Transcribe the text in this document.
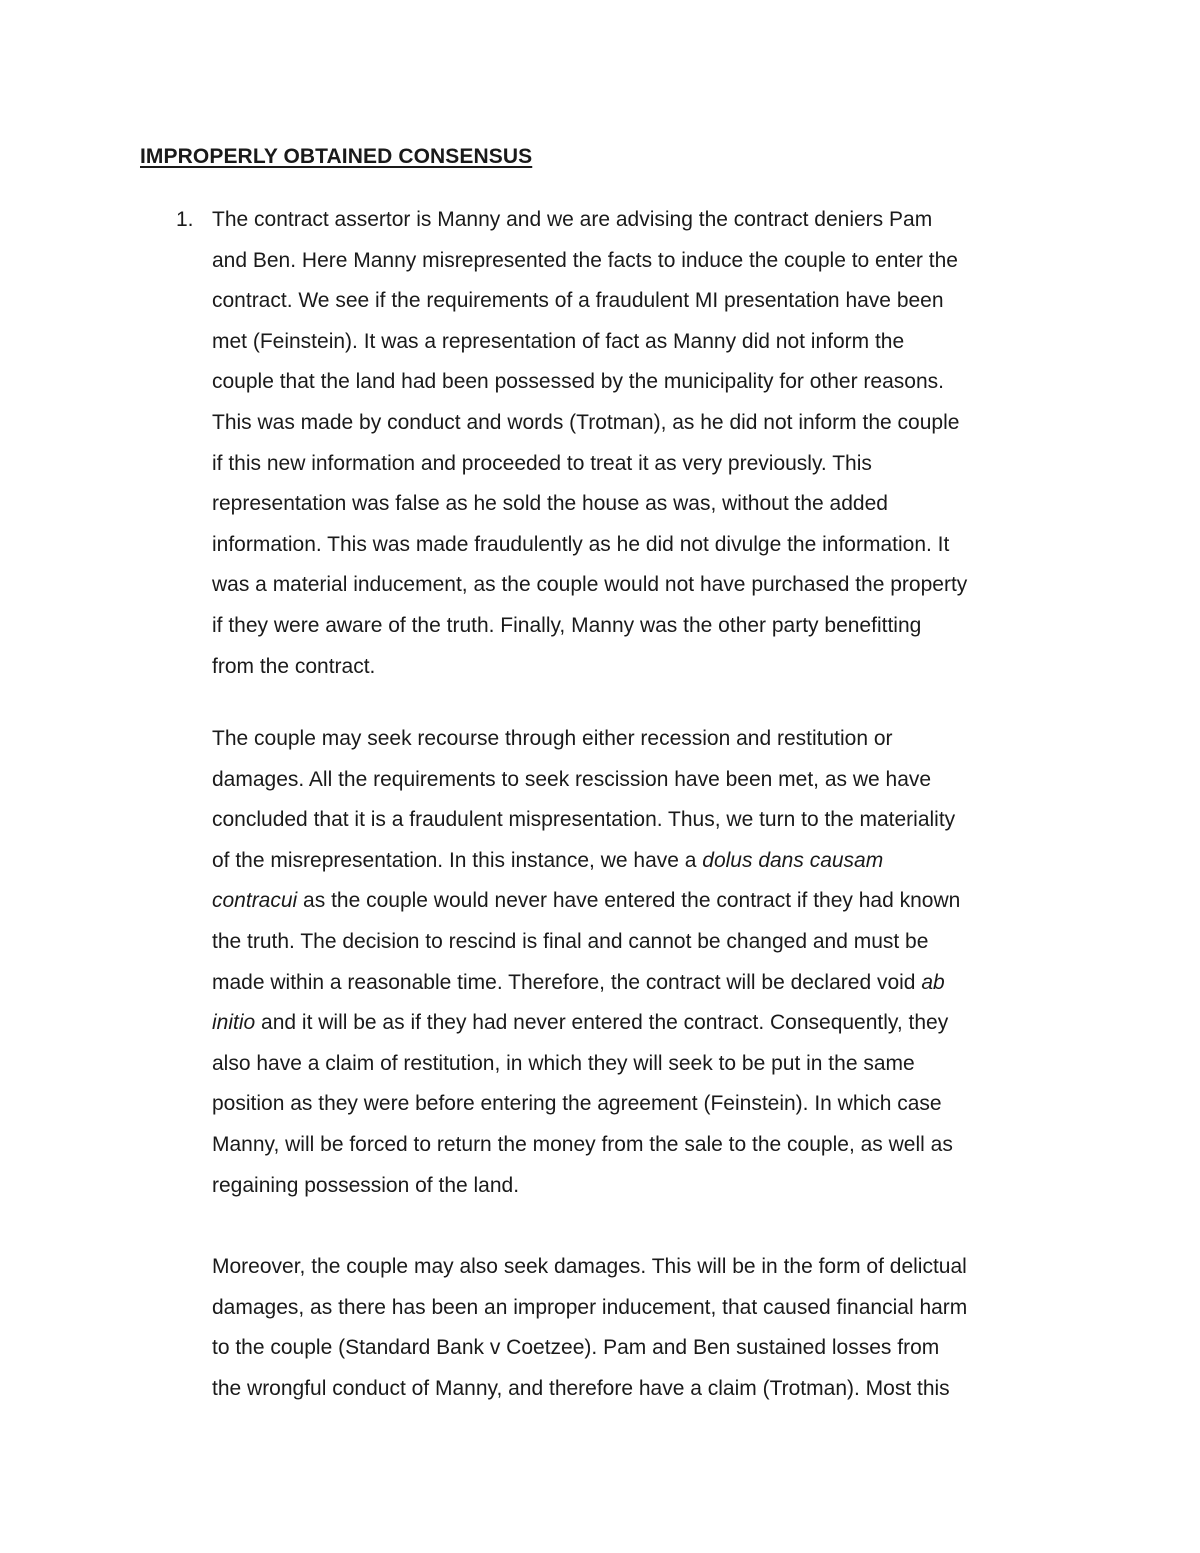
IMPROPERLY OBTAINED CONSENSUS
1. The contract assertor is Manny and we are advising the contract deniers Pam
and Ben. Here Manny misrepresented the facts to induce the couple to enter the
contract. We see if the requirements of a fraudulent MI presentation have been
met (Feinstein). It was a representation of fact as Manny did not inform the
couple that the land had been possessed by the municipality for other reasons.
This was made by conduct and words (Trotman), as he did not inform the couple
if this new information and proceeded to treat it as very previously. This
representation was false as he sold the house as was, without the added
information. This was made fraudulently as he did not divulge the information. It
was a material inducement, as the couple would not have purchased the property
if they were aware of the truth. Finally, Manny was the other party benefitting
from the contract.
The couple may seek recourse through either recession and restitution or
damages. All the requirements to seek rescission have been met, as we have
concluded that it is a fraudulent mispresentation. Thus, we turn to the materiality
of the misrepresentation. In this instance, we have a dolus dans causam
contracui as the couple would never have entered the contract if they had known
the truth. The decision to rescind is final and cannot be changed and must be
made within a reasonable time. Therefore, the contract will be declared void ab
initio and it will be as if they had never entered the contract. Consequently, they
also have a claim of restitution, in which they will seek to be put in the same
position as they were before entering the agreement (Feinstein). In which case
Manny, will be forced to return the money from the sale to the couple, as well as
regaining possession of the land.
Moreover, the couple may also seek damages. This will be in the form of delictual
damages, as there has been an improper inducement, that caused financial harm
to the couple (Standard Bank v Coetzee). Pam and Ben sustained losses from
the wrongful conduct of Manny, and therefore have a claim (Trotman). Most this
